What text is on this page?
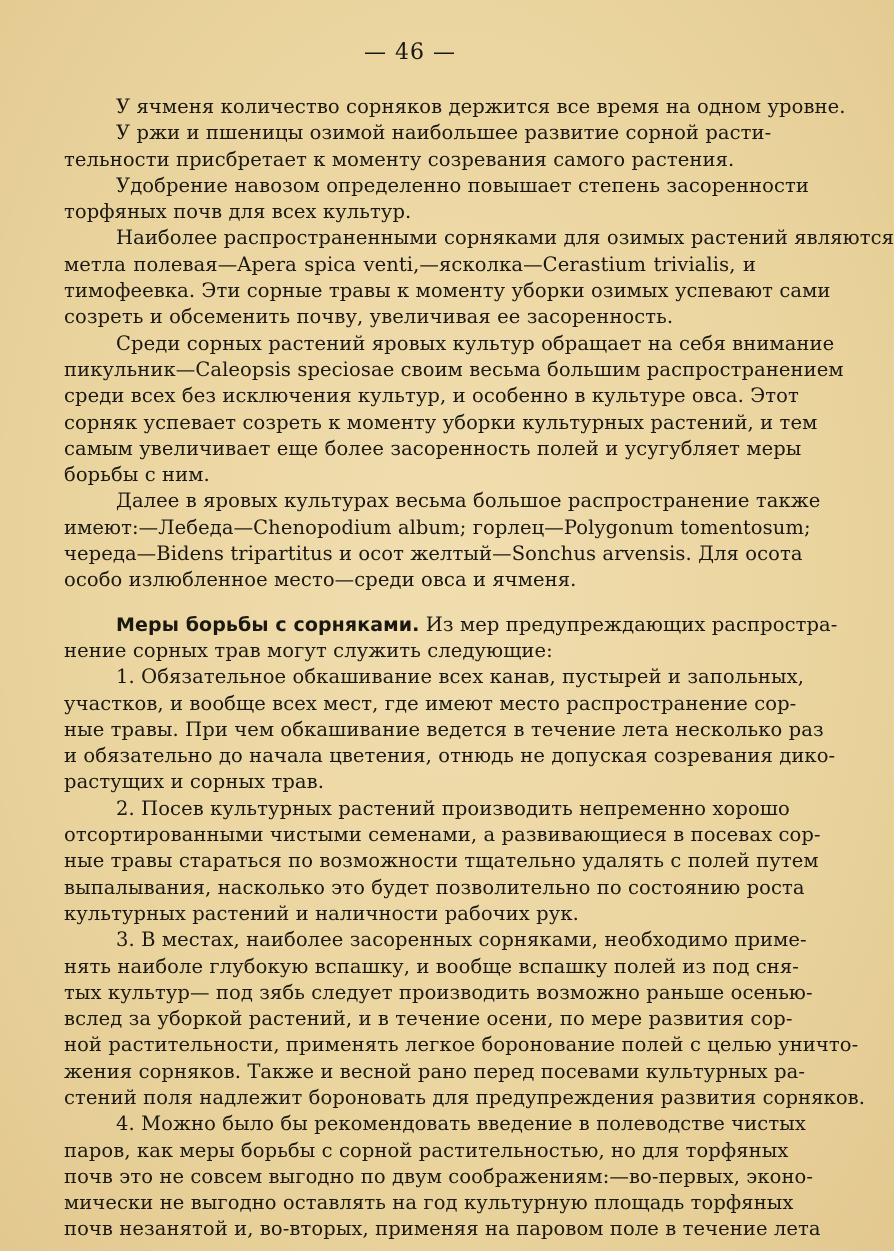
— 46 —

У ячменя количество сорняков держится все время на одном уровне.

У ржи и пшеницы озимой наибольшее развитие сорной расти-
тельности присбретает к моменту созревания самого растения.

Удобрение навозом определенно повышает степень засоренности
торфяных почв для всех культур.

Наиболее распространенными сорняками для озимых растений являются
метла полевая—Apera spica venti,—ясколка—Cerastium trivialis, и
тимофеевка. Эти сорные травы к моменту уборки озимых успевают сами
созреть и обсеменить почву, увеличивая ее засоренность.

Среди сорных растений яровых культур обращает на себя внимание
пикульник—Caleopsis speciosae своим весьма большим распространением
среди всех без исключения культур, и особенно в культуре овса. Этот
сорняк успевает созреть к моменту уборки культурных растений, и тем
самым увеличивает еще более засоренность полей и усугубляет меры
борьбы с ним.

Далее в яровых культурах весьма большое распространение также
имеют:—Лебеда—Chenopodium album; горлец—Polygonum tomentosum;
череда—Bidens tripartitus и осот желтый—Sonchus arvensis. Для осота
особо излюбленное место—среди овса и ячменя.

Меры борьбы с сорняками. Из мер предупреждающих распростра-
нение сорных трав могут служить следующие:

1. Обязательное обкашивание всех канав, пустырей и запольных,
участков, и вообще всех мест, где имеют место распространение сор-
ные травы. При чем обкашивание ведется в течение лета несколько раз
и обязательно до начала цветения, отнюдь не допуская созревания дико-
растущих и сорных трав.

2. Посев культурных растений производить непременно хорошо
отсортированными чистыми семенами, а развивающиеся в посевах сор-
ные травы стараться по возможности тщательно удалять с полей путем
выпалывания, насколько это будет позволительно по состоянию роста
культурных растений и наличности рабочих рук.

3. В местах, наиболее засоренных сорняками, необходимо приме-
нять наиболе глубокую вспашку, и вообще вспашку полей из под сня-
тых культур— под зябь следует производить возможно раньше осенью-
вслед за уборкой растений, и в течение осени, по мере развития сор-
ной растительности, применять легкое боронование полей с целью уничто-
жения сорняков. Также и весной рано перед посевами культурных ра-
стений поля надлежит бороновать для предупреждения развития сорняков.

4. Можно было бы рекомендовать введение в полеводстве чистых
паров, как меры борьбы с сорной растительностью, но для торфяных
почв это не совсем выгодно по двум соображениям:—во-первых, эконо-
мически не выгодно оставлять на год культурную площадь торфяных
почв незанятой и, во-вторых, применяя на паровом поле в течение лета
